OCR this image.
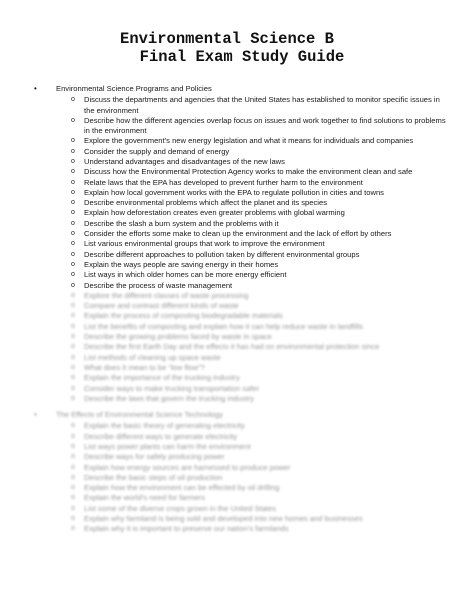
Environmental Science B
Final Exam Study Guide
•	Environmental Science Programs and Policies
o Discuss the departments and agencies that the United States has established to monitor specific issues in the environment
o Describe how the different agencies overlap focus on issues and work together to find solutions to problems in the environment
o Explore the government’s new energy legislation and what it means for individuals and companies
o Consider the supply and demand of energy
o Understand advantages and disadvantages of the new laws
o Discuss how the Environmental Protection Agency works to make the environment clean and safe
o Relate laws that the EPA has developed to prevent further harm to the environment
o Explain how local government works with the EPA to regulate pollution in cities and towns
o Describe environmental problems which affect the planet and its species
o Explain how deforestation creates even greater problems with global warming
o Describe the slash a burn system and the problems with it
o Consider the efforts some make to clean up the environment and the lack of effort by others
o List various environmental groups that work to improve the environment
o Describe different approaches to pollution taken by different environmental groups
o Explain the ways people are saving energy in their homes
o List ways in which older homes can be more energy efficient
o Describe the process of waste management
o Explore the different classes of waste processing
o Compare and contrast different kinds of waste
o Explain the process of composting biodegradable materials
o List the benefits of composting and explain how it can help reduce waste in landfills
o Describe the growing problems faced by waste in space
o Describe the first Earth Day and the effects it has had on environmental protection since
o List methods of cleaning up space waste
o What does it mean to be “low flow”?
o Explain the importance of the trucking industry
o Consider ways to make trucking transportation safer
o Describe the laws that govern the trucking industry
•	The Effects of Environmental Science Technology
o Explain the basic theory of generating electricity
o Describe different ways to generate electricity
o List ways power plants can harm the environment
o Describe ways for safely producing power
o Explain how energy sources are harnessed to produce power
o Describe the basic steps of oil production
o Explain how the environment can be effected by oil drilling
o Explain the world’s need for farmers
o List some of the diverse crops grown in the United States
o Explain why farmland is being sold and developed into new homes and businesses
o Explain why it is important to preserve our nation’s farmlands
